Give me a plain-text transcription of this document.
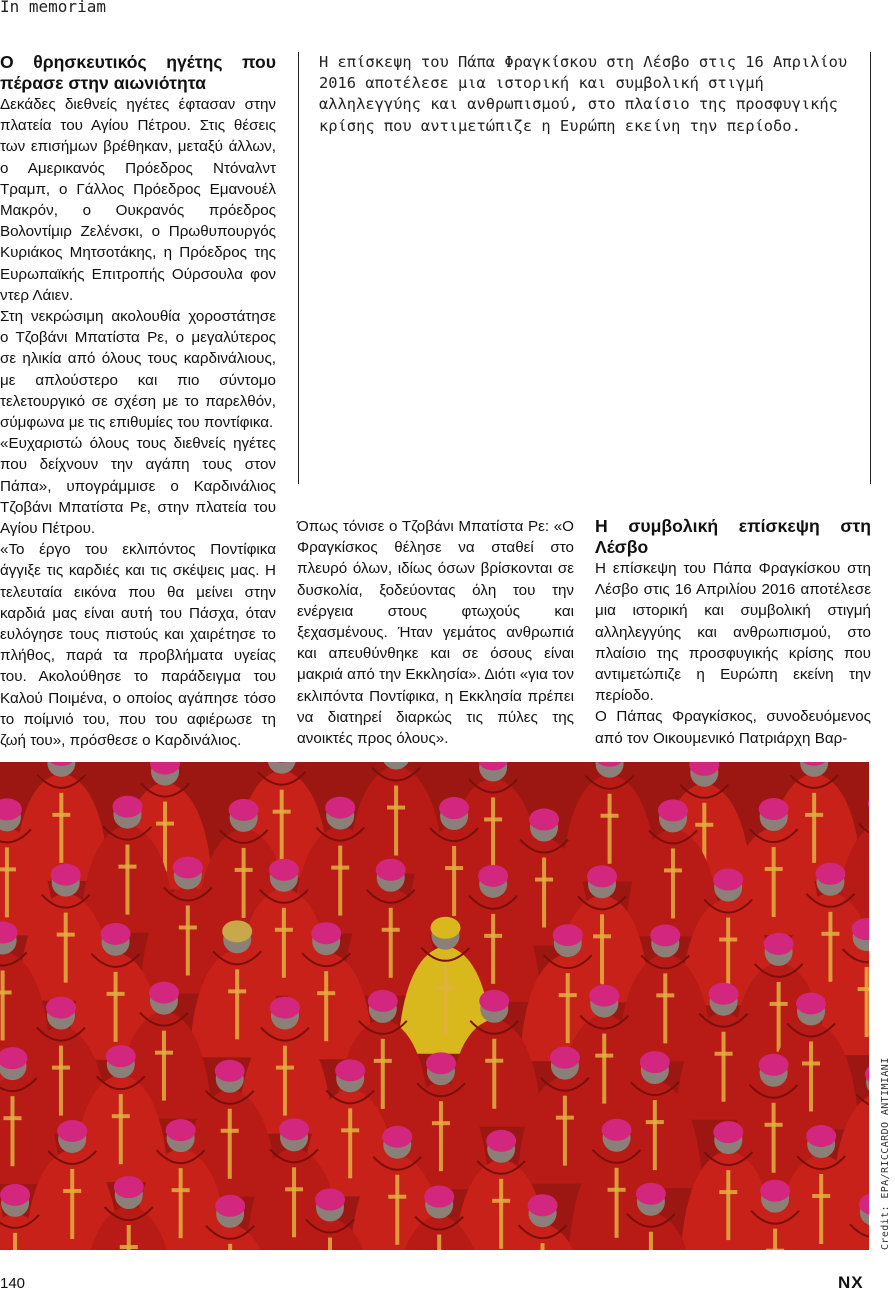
In memoriam
Ο θρησκευτικός ηγέτης που πέρασε στην αιωνιότητα

Δεκάδες διεθνείς ηγέτες έφτασαν στην πλατεία του Αγίου Πέτρου. Στις θέσεις των επισήμων βρέθηκαν, μεταξύ άλλων, ο Αμερικανός Πρόεδρος Ντόναλντ Τραμπ, ο Γάλλος Πρόεδρος Εμανουέλ Μακρόν, ο Ουκρανός πρόεδρος Βολοντίμιρ Ζελένσκι, ο Πρωθυπουργός Κυριάκος Μητσοτάκης, η Πρόεδρος της Ευρωπαϊκής Επιτροπής Ούρσουλα φον ντερ Λάιεν.

Στη νεκρώσιμη ακολουθία χοροστάτησε ο Τζοβάνι Μπατίστα Ρε, ο μεγαλύτερος σε ηλικία από όλους τους καρδινάλιους, με απλούστερο και πιο σύντομο τελετουργικό σε σχέση με το παρελθόν, σύμφωνα με τις επιθυμίες του ποντίφικα.

«Ευχαριστώ όλους τους διεθνείς ηγέτες που δείχνουν την αγάπη τους στον Πάπα», υπογράμμισε ο Καρδινάλιος Τζοβάνι Μπατίστα Ρε, στην πλατεία του Αγίου Πέτρου.

«Το έργο του εκλιπόντος Ποντίφικα άγγιξε τις καρδιές και τις σκέψεις μας. Η τελευταία εικόνα που θα μείνει στην καρδιά μας είναι αυτή του Πάσχα, όταν ευλόγησε τους πιστούς και χαιρέτησε το πλήθος, παρά τα προβλήματα υγείας του. Ακολούθησε το παράδειγμα του Καλού Ποιμένα, ο οποίος αγάπησε τόσο το ποίμνιό του, που του αφιέρωσε τη ζωή του», πρόσθεσε ο Καρδινάλιος.

Η επίσκεψη του Πάπα Φραγκίσκου στη Λέσβο στις 16 Απριλίου 2016 αποτέλεσε μια ιστορική και συμβολική στιγμή αλληλεγγύης και ανθρωπισμού, στο πλαίσιο της προσφυγικής κρίσης που αντιμετώπιζε η Ευρώπη εκείνη την περίοδο.

Όπως τόνισε ο Τζοβάνι Μπατίστα Ρε: «Ο Φραγκίσκος θέλησε να σταθεί στο πλευρό όλων, ιδίως όσων βρίσκονται σε δυσκολία, ξοδεύοντας όλη του την ενέργεια στους φτωχούς και ξεχασμένους. Ήταν γεμάτος ανθρωπιά και απευθύνθηκε και σε όσους είναι μακριά από την Εκκλησία». Διότι «για τον εκλιπόντα Ποντίφικα, η Εκκλησία πρέπει να διατηρεί διαρκώς τις πύλες της ανοικτές προς όλους».

Η συμβολική επίσκεψη στη Λέσβο

Η επίσκεψη του Πάπα Φραγκίσκου στη Λέσβο στις 16 Απριλίου 2016 αποτέλεσε μια ιστορική και συμβολική στιγμή αλληλεγγύης και ανθρωπισμού, στο πλαίσιο της προσφυγικής κρίσης που αντιμετώπιζε η Ευρώπη εκείνη την περίοδο.

Ο Πάπας Φραγκίσκος, συνοδευόμενος από τον Οικουμενικό Πατριάρχη Βαρ-

Credit: EPA/RICCARDO ANTIMIANI
140	NX
